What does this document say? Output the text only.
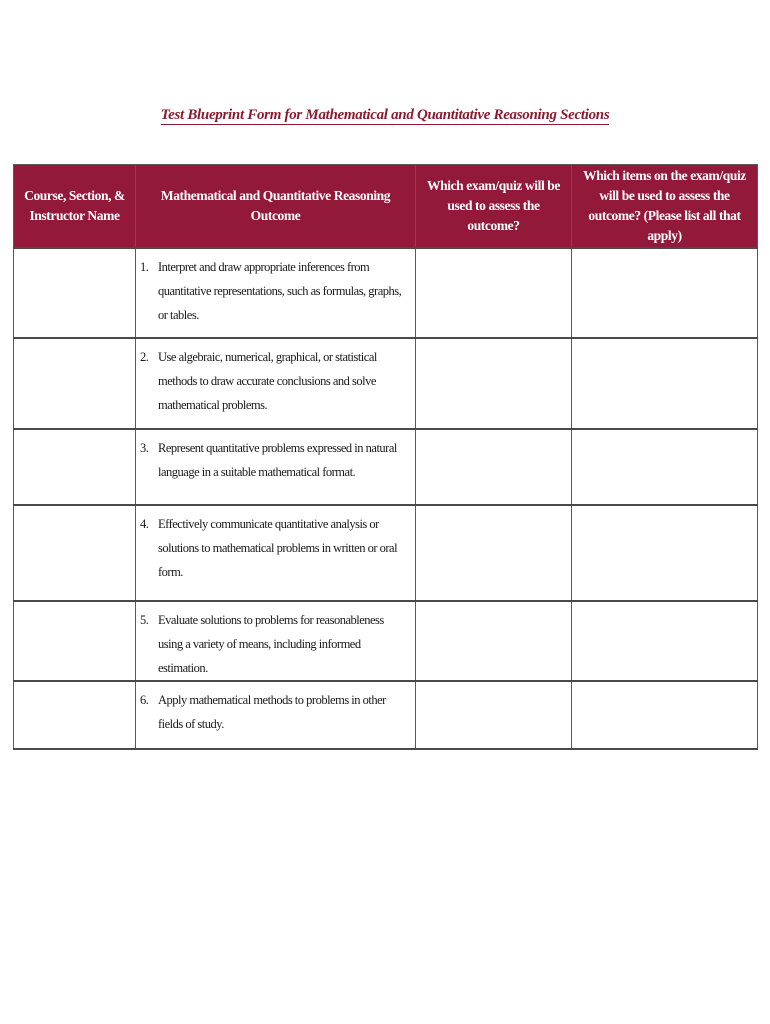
Test Blueprint Form for Mathematical and Quantitative Reasoning Sections
Course, Section, & Instructor Name	Mathematical and Quantitative Reasoning Outcome	Which exam/quiz will be used to assess the outcome?	Which items on the exam/quiz will be used to assess the outcome? (Please list all that apply)

	1. Interpret and draw appropriate inferences from quantitative representations, such as formulas, graphs, or tables.		

	2. Use algebraic, numerical, graphical, or statistical methods to draw accurate conclusions and solve mathematical problems.		

	3. Represent quantitative problems expressed in natural language in a suitable mathematical format.		

	4. Effectively communicate quantitative analysis or solutions to mathematical problems in written or oral form.		

	5. Evaluate solutions to problems for reasonableness using a variety of means, including informed estimation.		

	6. Apply mathematical methods to problems in other fields of study.		
